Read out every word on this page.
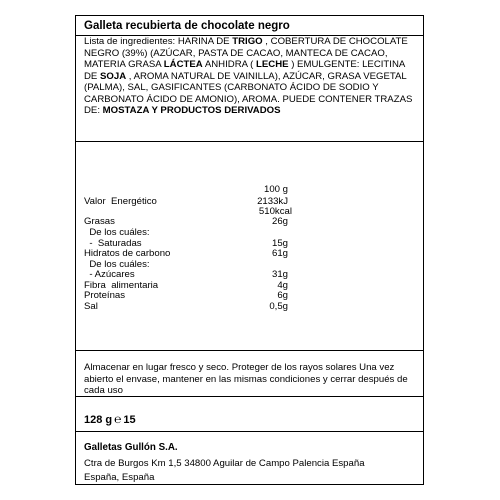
Galleta recubierta de chocolate negro
Lista de ingredientes: HARINA DE TRIGO , COBERTURA DE CHOCOLATE NEGRO (39%) (AZÚCAR, PASTA DE CACAO, MANTECA DE CACAO, MATERIA GRASA LÁCTEA ANHIDRA ( LECHE ) EMULGENTE: LECITINA DE SOJA , AROMA NATURAL DE VAINILLA), AZÚCAR, GRASA VEGETAL (PALMA), SAL, GASIFICANTES (CARBONATO ÁCIDO DE SODIO Y CARBONATO ÁCIDO DE AMONIO), AROMA. PUEDE CONTENER TRAZAS DE: MOSTAZA Y PRODUCTOS DERIVADOS
100 g
Valor  Energético	2133kJ
510kcal
Grasas	26g
De los cuáles:
-  Saturadas	15g
Hidratos de carbono	61g
De los cuáles:
- Azúcares	31g
Fibra  alimentaria	4g
Proteínas	6g
Sal	0,5g
Almacenar en lugar fresco y seco. Proteger de los rayos solares Una vez abierto el envase, mantener en las mismas condiciones y cerrar después de cada uso
128 g ℮ 15
Galletas Gullón S.A.
Ctra de Burgos Km 1,5 34800 Aguilar de Campo Palencia España
España, España
